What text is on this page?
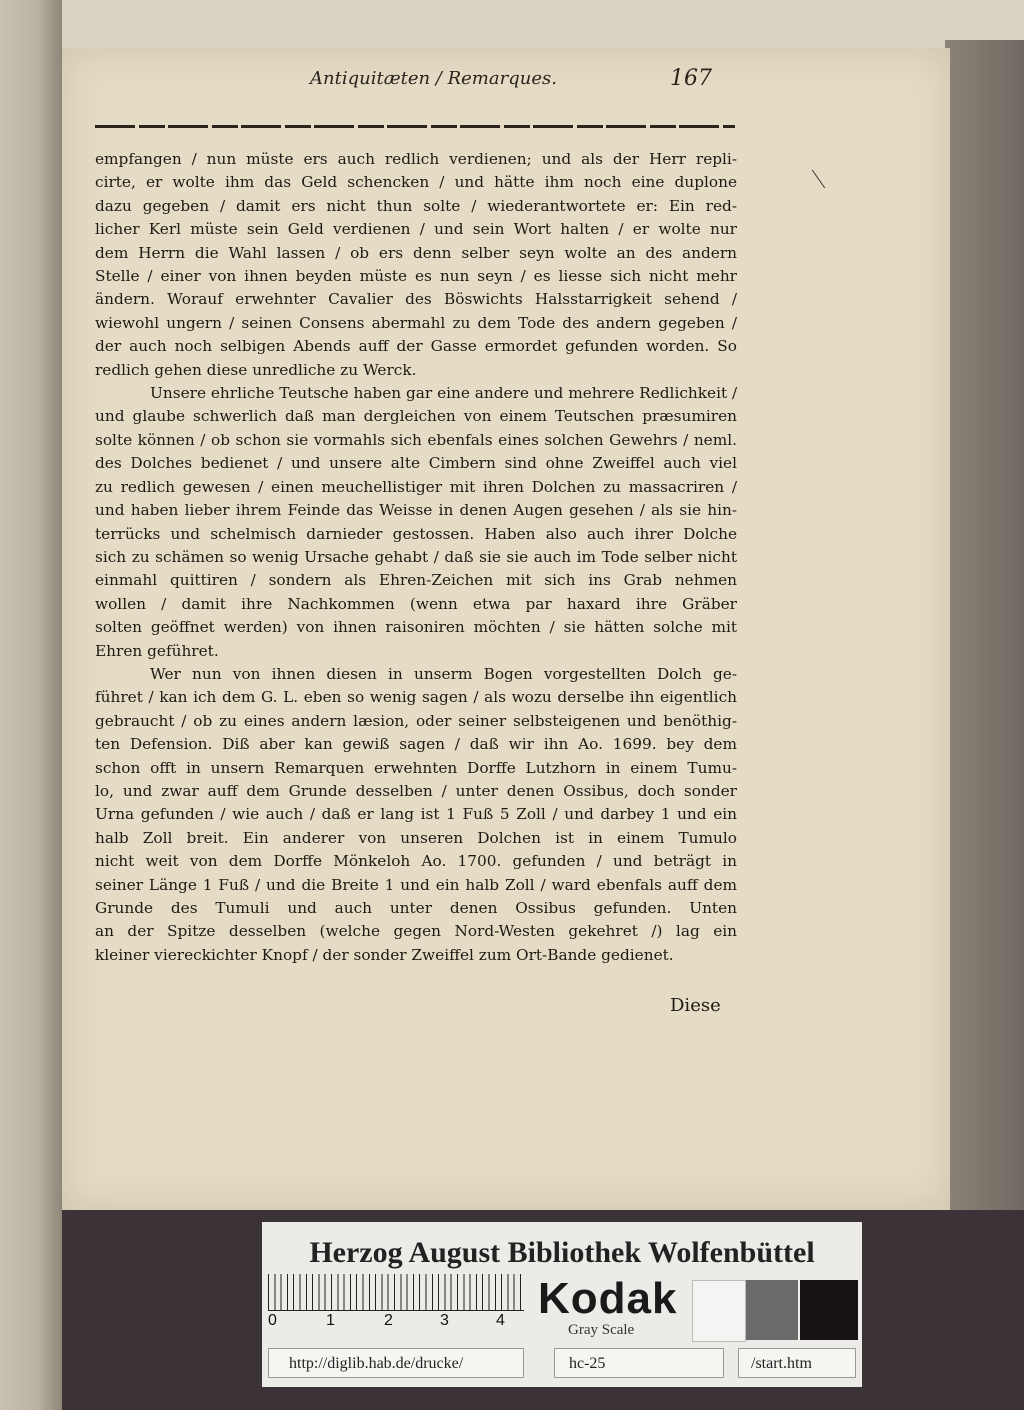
Antiquitæten / Remarques.	167
empfangen / nun müste ers auch redlich verdienen; und als der Herr repli-
cirte, er wolte ihm das Geld schencken / und hätte ihm noch eine duplone
dazu gegeben / damit ers nicht thun solte / wiederantwortete er: Ein red-
licher Kerl müste sein Geld verdienen / und sein Wort halten / er wolte nur
dem Herrn die Wahl lassen / ob ers denn selber seyn wolte an des andern
Stelle / einer von ihnen beyden müste es nun seyn / es liesse sich nicht mehr
ändern. Worauf erwehnter Cavalier des Böswichts Halsstarrigkeit sehend /
wiewohl ungern / seinen Consens abermahl zu dem Tode des andern gegeben /
der auch noch selbigen Abends auff der Gasse ermordet gefunden worden. So
redlich gehen diese unredliche zu Werck.
Unsere ehrliche Teutsche haben gar eine andere und mehrere Redlichkeit /
und glaube schwerlich daß man dergleichen von einem Teutschen præsumiren
solte können / ob schon sie vormahls sich ebenfals eines solchen Gewehrs / neml.
des Dolches bedienet / und unsere alte Cimbern sind ohne Zweiffel auch viel
zu redlich gewesen / einen meuchellistiger mit ihren Dolchen zu massacriren /
und haben lieber ihrem Feinde das Weisse in denen Augen gesehen / als sie hin-
terrücks und schelmisch darnieder gestossen. Haben also auch ihrer Dolche
sich zu schämen so wenig Ursache gehabt / daß sie sie auch im Tode selber nicht
einmahl quittiren / sondern als Ehren-Zeichen mit sich ins Grab nehmen
wollen / damit ihre Nachkommen (wenn etwa par haxard ihre Gräber
solten geöffnet werden) von ihnen raisoniren möchten / sie hätten solche mit
Ehren geführet.
Wer nun von ihnen diesen in unserm Bogen vorgestellten Dolch ge-
führet / kan ich dem G. L. eben so wenig sagen / als wozu derselbe ihn eigentlich
gebraucht / ob zu eines andern læsion, oder seiner selbsteigenen und benöthig-
ten Defension. Diß aber kan gewiß sagen / daß wir ihn Ao. 1699. bey dem
schon offt in unsern Remarquen erwehnten Dorffe Lutzhorn in einem Tumu-
lo, und zwar auff dem Grunde desselben / unter denen Ossibus, doch sonder
Urna gefunden / wie auch / daß er lang ist 1 Fuß 5 Zoll / und darbey 1 und ein
halb Zoll breit. Ein anderer von unseren Dolchen ist in einem Tumulo
nicht weit von dem Dorffe Mönkeloh Ao. 1700. gefunden / und beträgt in
seiner Länge 1 Fuß / und die Breite 1 und ein halb Zoll / ward ebenfals auff dem
Grunde des Tumuli und auch unter denen Ossibus gefunden. Unten
an der Spitze desselben (welche gegen Nord-Westen gekehret /) lag ein
kleiner viereckichter Knopf / der sonder Zweiffel zum Ort-Bande gedienet.
Diese
Herzog August Bibliothek Wolfenbüttel
0	1	2	3	4 Kodak
Gray Scale
http://diglib.hab.de/drucke/	hc-25	/start.htm
